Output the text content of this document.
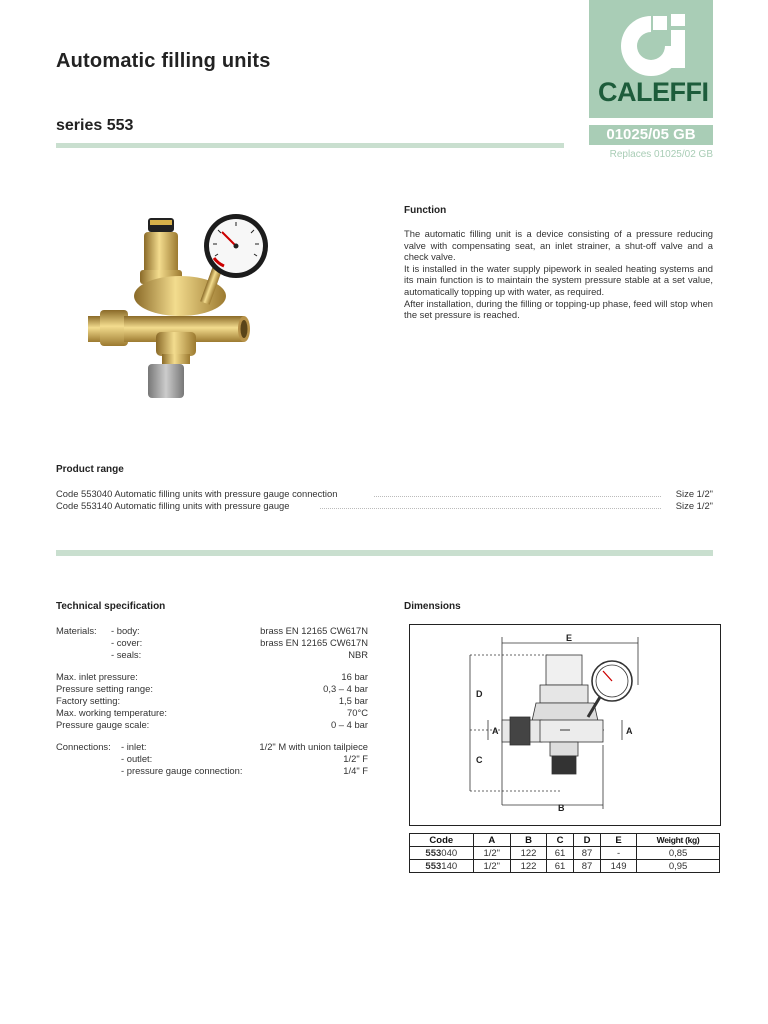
Automatic filling units
series 553
CALEFFI
01025/05 GB
Replaces 01025/02 GB
Function
The automatic filling unit is a device consisting of a pressure reducing valve with compensating seat, an inlet strainer, a shut-off valve and a check valve.
It is installed in the water supply pipework in sealed heating systems and its main function is to maintain the system pressure stable at a set value, automatically topping up with water, as required.
After installation, during the filling or topping-up phase, feed will stop when the set pressure is reached.
Product range
Code 553040 Automatic filling units with pressure gauge connection	Size 1/2"
Code 553140 Automatic filling units with pressure gauge	Size 1/2"
Technical specification
Materials: - body:	brass EN 12165 CW617N
- cover:	brass EN 12165 CW617N
- seals:	NBR
Max. inlet pressure:	16 bar
Pressure setting range:	0,3 – 4 bar
Factory setting:	1,5 bar
Max. working temperature:	70°C
Pressure gauge scale:	0 – 4 bar
Connections: - inlet:	1/2" M with union tailpiece
- outlet:	1/2" F
- pressure gauge connection:	1/4" F
Dimensions
E
D
C
A	A
B
Code	A	B	C	D	E	Weight (kg)
553040	1/2"	122	61	87	-	0,85
553140	1/2"	122	61	87	149	0,95
